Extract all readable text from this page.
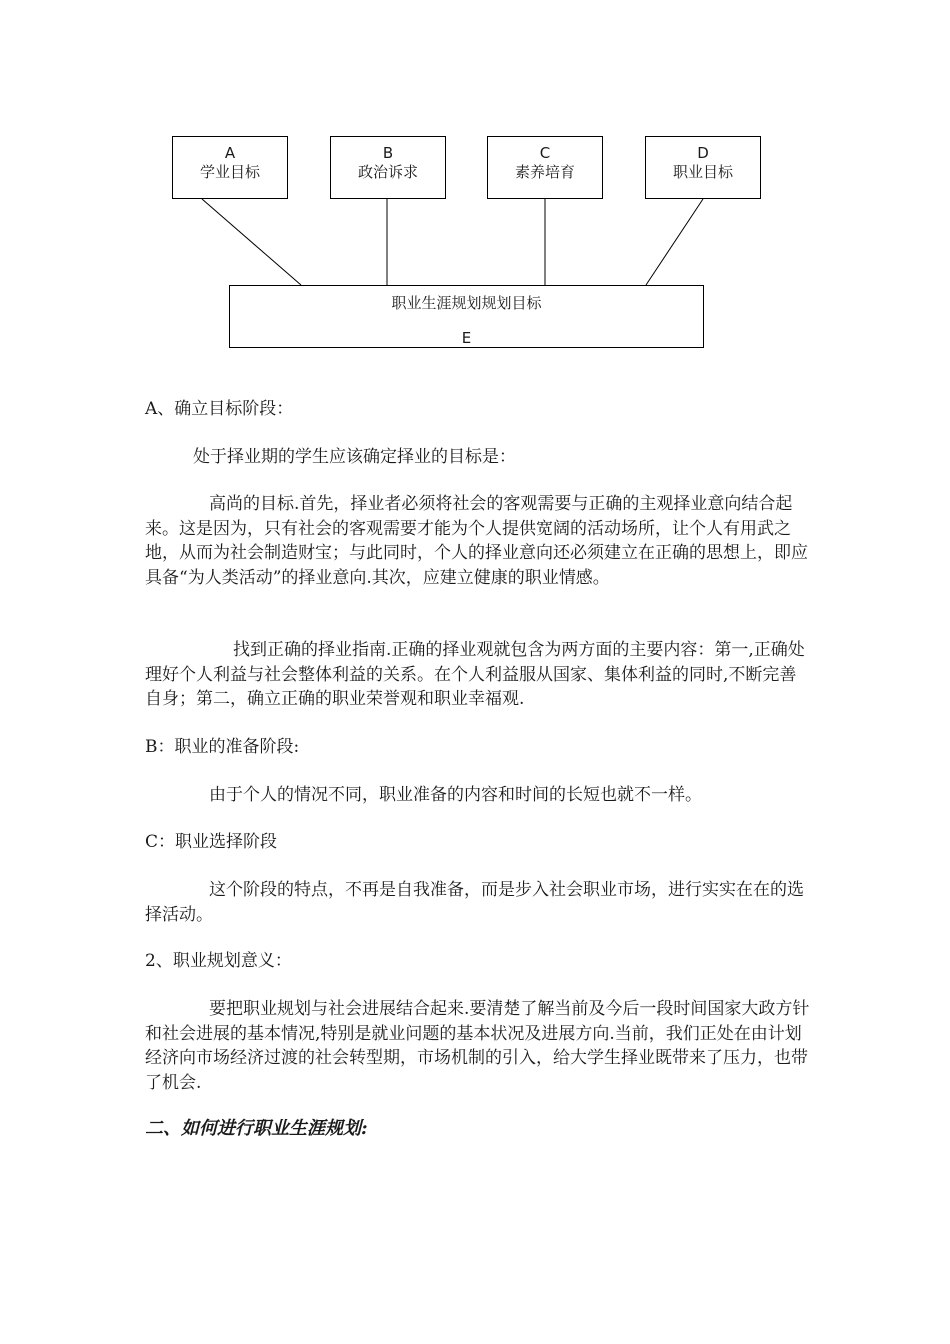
A
学业目标
B
政治诉求
C
素养培育
D
职业目标
职业生涯规划规划目标
E

A、确立目标阶段：

处于择业期的学生应该确定择业的目标是：

高尚的目标.首先，择业者必须将社会的客观需要与正确的主观择业意向结合起来。这是因为，只有社会的客观需要才能为个人提供宽阔的活动场所，让个人有用武之地，从而为社会制造财宝；与此同时，个人的择业意向还必须建立在正确的思想上，即应具备“为人类活动”的择业意向.其次，应建立健康的职业情感。

找到正确的择业指南.正确的择业观就包含为两方面的主要内容：第一,正确处理好个人利益与社会整体利益的关系。在个人利益服从国家、集体利益的同时,不断完善自身；第二，确立正确的职业荣誉观和职业幸福观.

B：职业的准备阶段:

由于个人的情况不同，职业准备的内容和时间的长短也就不一样。

C：职业选择阶段

这个阶段的特点，不再是自我准备，而是步入社会职业市场，进行实实在在的选择活动。

2、职业规划意义：

要把职业规划与社会进展结合起来.要清楚了解当前及今后一段时间国家大政方针和社会进展的基本情况,特别是就业问题的基本状况及进展方向.当前，我们正处在由计划经济向市场经济过渡的社会转型期，市场机制的引入，给大学生择业既带来了压力，也带了机会.

二、如何进行职业生涯规划:
